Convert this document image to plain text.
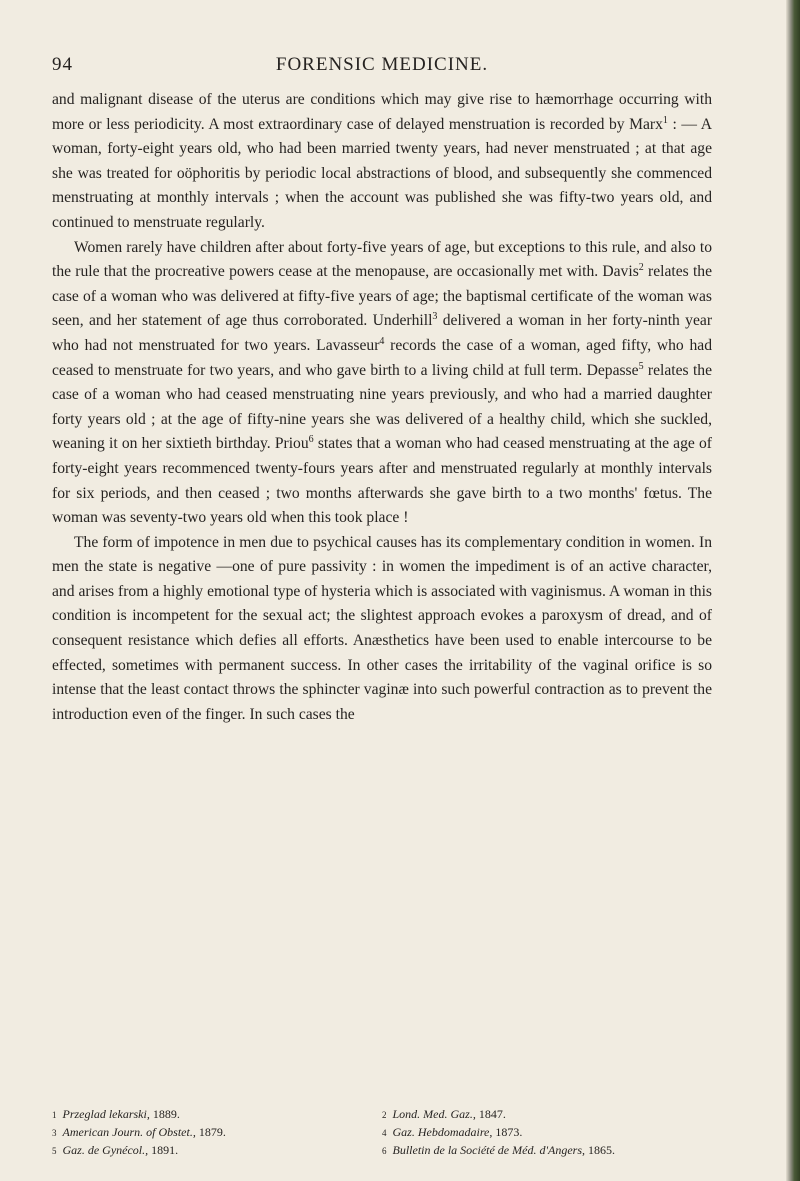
94	FORENSIC MEDICINE.

and malignant disease of the uterus are conditions which may give rise to hæmorrhage occurring with more or less periodicity. A most extraordinary case of delayed menstruation is recorded by Marx$^1$ : — A woman, forty-eight years old, who had been married twenty years, had never menstruated ; at that age she was treated for oöphoritis by periodic local abstractions of blood, and subsequently she commenced menstruating at monthly intervals ; when the account was published she was fifty-two years old, and continued to menstruate regularly.

Women rarely have children after about forty-five years of age, but exceptions to this rule, and also to the rule that the procreative powers cease at the menopause, are occasionally met with. Davis$^2$ relates the case of a woman who was delivered at fifty-five years of age; the baptismal certificate of the woman was seen, and her statement of age thus corroborated. Underhill$^3$ delivered a woman in her forty-ninth year who had not menstruated for two years. Lavasseur$^4$ records the case of a woman, aged fifty, who had ceased to menstruate for two years, and who gave birth to a living child at full term. Depasse$^5$ relates the case of a woman who had ceased menstruating nine years previously, and who had a married daughter forty years old ; at the age of fifty-nine years she was delivered of a healthy child, which she suckled, weaning it on her sixtieth birthday. Priou$^6$ states that a woman who had ceased menstruating at the age of forty-eight years recommenced twenty-fours years after and menstruated regularly at monthly intervals for six periods, and then ceased ; two months afterwards she gave birth to a two months' fœtus. The woman was seventy-two years old when this took place !

The form of impotence in men due to psychical causes has its complementary condition in women. In men the state is negative —one of pure passivity : in women the impediment is of an active character, and arises from a highly emotional type of hysteria which is associated with vaginismus. A woman in this condition is incompetent for the sexual act; the slightest approach evokes a paroxysm of dread, and of consequent resistance which defies all efforts. Anæsthetics have been used to enable intercourse to be effected, sometimes with permanent success. In other cases the irritability of the vaginal orifice is so intense that the least contact throws the sphincter vaginæ into such powerful contraction as to prevent the introduction even of the finger. In such cases the

1 Przeglad lekarski, 1889.	2 Lond. Med. Gaz., 1847.
3 American Journ. of Obstet., 1879.	4 Gaz. Hebdomadaire, 1873.
5 Gaz. de Gynécol., 1891.	6 Bulletin de la Société de Méd. d'Angers, 1865.
